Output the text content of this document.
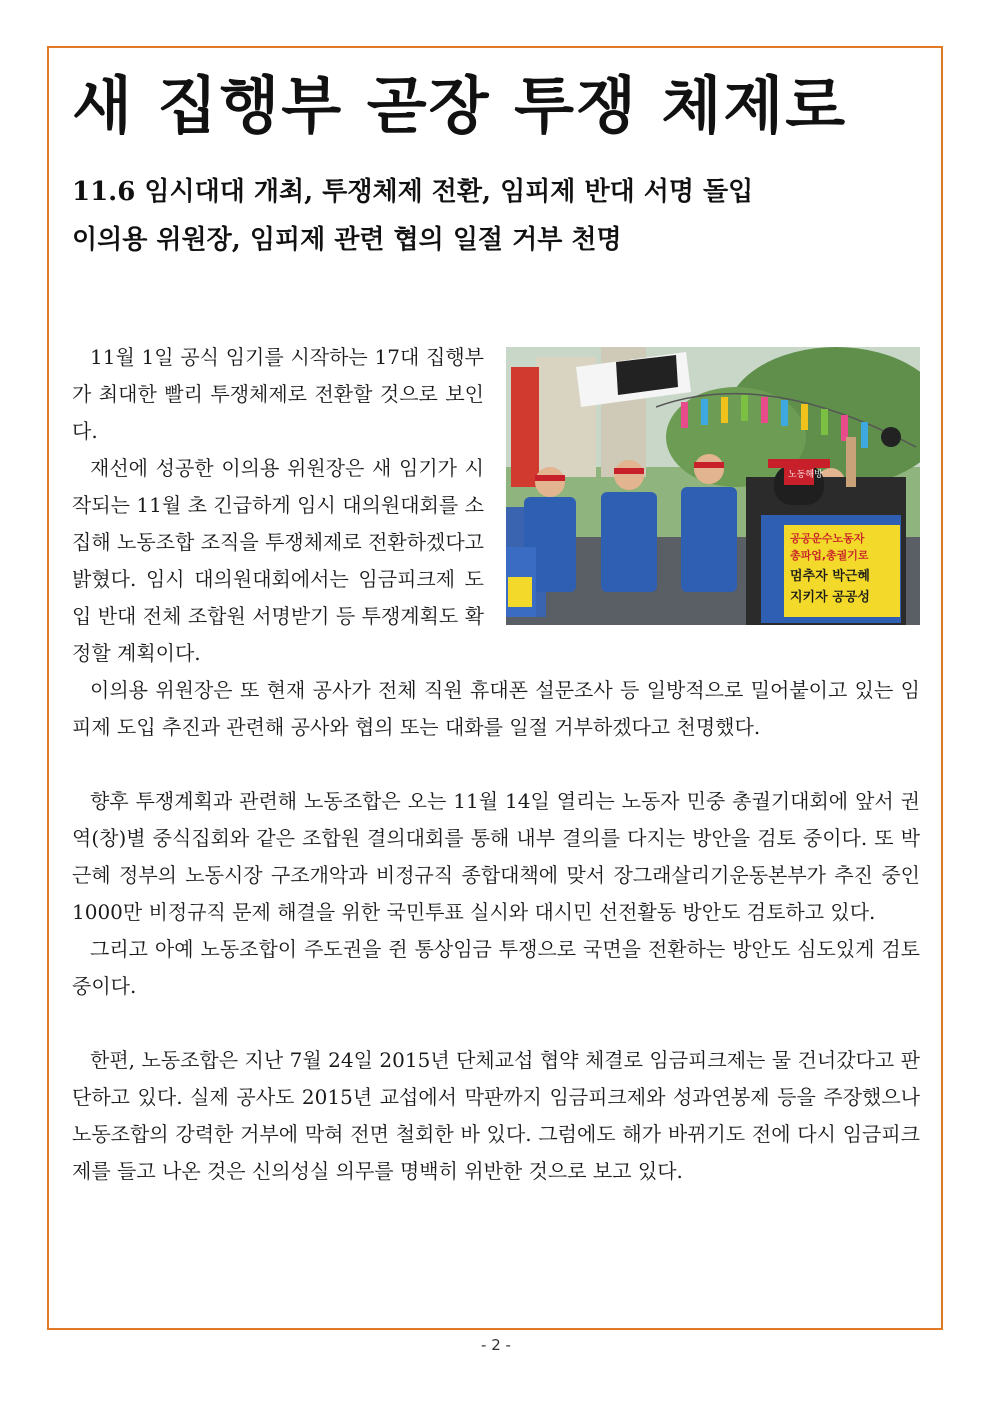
새 집행부 곧장 투쟁 체제로
11.6 임시대대 개최, 투쟁체제 전환, 임피제 반대 서명 돌입
이의용 위원장, 임피제 관련 협의 일절 거부 천명
노동해방
공공운수노동자
총파업,총궐기로
멈추자 박근혜
지키자 공공성

11월 1일 공식 임기를 시작하는 17대 집행부가 최대한 빨리 투쟁체제로 전환할 것으로 보인다.

재선에 성공한 이의용 위원장은 새 임기가 시작되는 11월 초 긴급하게 임시 대의원대회를 소집해 노동조합 조직을 투쟁체제로 전환하겠다고 밝혔다. 임시 대의원대회에서는 임금피크제 도입 반대 전체 조합원 서명받기 등 투쟁계획도 확정할 계획이다.

이의용 위원장은 또 현재 공사가 전체 직원 휴대폰 설문조사 등 일방적으로 밀어붙이고 있는 임피제 도입 추진과 관련해 공사와 협의 또는 대화를 일절 거부하겠다고 천명했다.

향후 투쟁계획과 관련해 노동조합은 오는 11월 14일 열리는 노동자 민중 총궐기대회에 앞서 권역(창)별 중식집회와 같은 조합원 결의대회를 통해 내부 결의를 다지는 방안을 검토 중이다. 또 박근혜 정부의 노동시장 구조개악과 비정규직 종합대책에 맞서 장그래살리기운동본부가 추진 중인 1000만 비정규직 문제 해결을 위한 국민투표 실시와 대시민 선전활동 방안도 검토하고 있다.

그리고 아예 노동조합이 주도권을 쥔 통상임금 투쟁으로 국면을 전환하는 방안도 심도있게 검토 중이다.

한편, 노동조합은 지난 7월 24일 2015년 단체교섭 협약 체결로 임금피크제는 물 건너갔다고 판단하고 있다. 실제 공사도 2015년 교섭에서 막판까지 임금피크제와 성과연봉제 등을 주장했으나 노동조합의 강력한 거부에 막혀 전면 철회한 바 있다. 그럼에도 해가 바뀌기도 전에 다시 임금피크제를 들고 나온 것은 신의성실 의무를 명백히 위반한 것으로 보고 있다.

- 2 -
